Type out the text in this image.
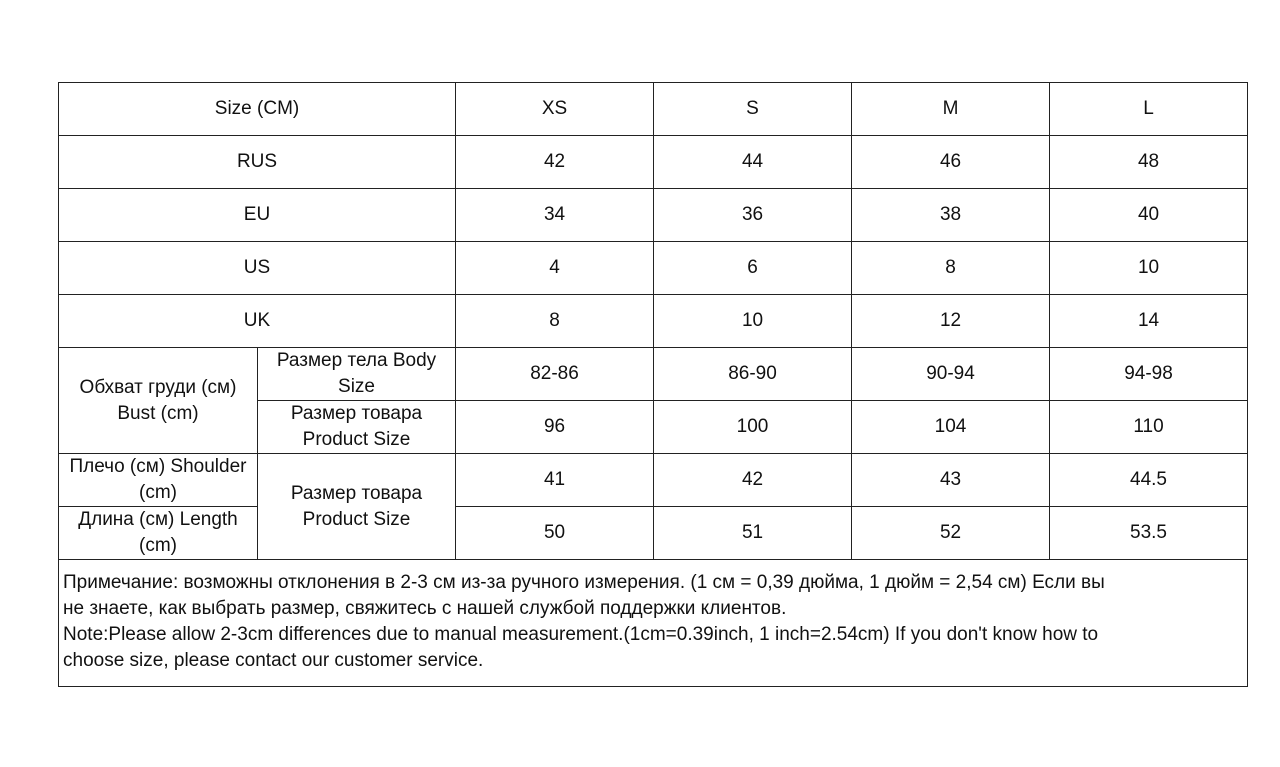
Size (CM)		XS	S	M	L
RUS		42	44	46	48
EU		34	36	38	40
US		4	6	8	10
UK		8	10	12	14
Обхват груди (см) Bust (cm)	Размер тела Body Size	82-86	86-90	90-94	94-98
	Размер товара Product Size	96	100	104	110
Плечо (см) Shoulder (cm)	Размер товара Product Size	41	42	43	44.5
Длина (см) Length (cm)		50	51	52	53.5

Примечание: возможны отклонения в 2-3 см из-за ручного измерения. (1 см = 0,39 дюйма, 1 дюйм = 2,54 см) Если вы
не знаете, как выбрать размер, свяжитесь с нашей службой поддержки клиентов.
Note:Please allow 2-3cm differences due to manual measurement.(1cm=0.39inch, 1 inch=2.54cm) If you don't know how to
choose size, please contact our customer service.					
